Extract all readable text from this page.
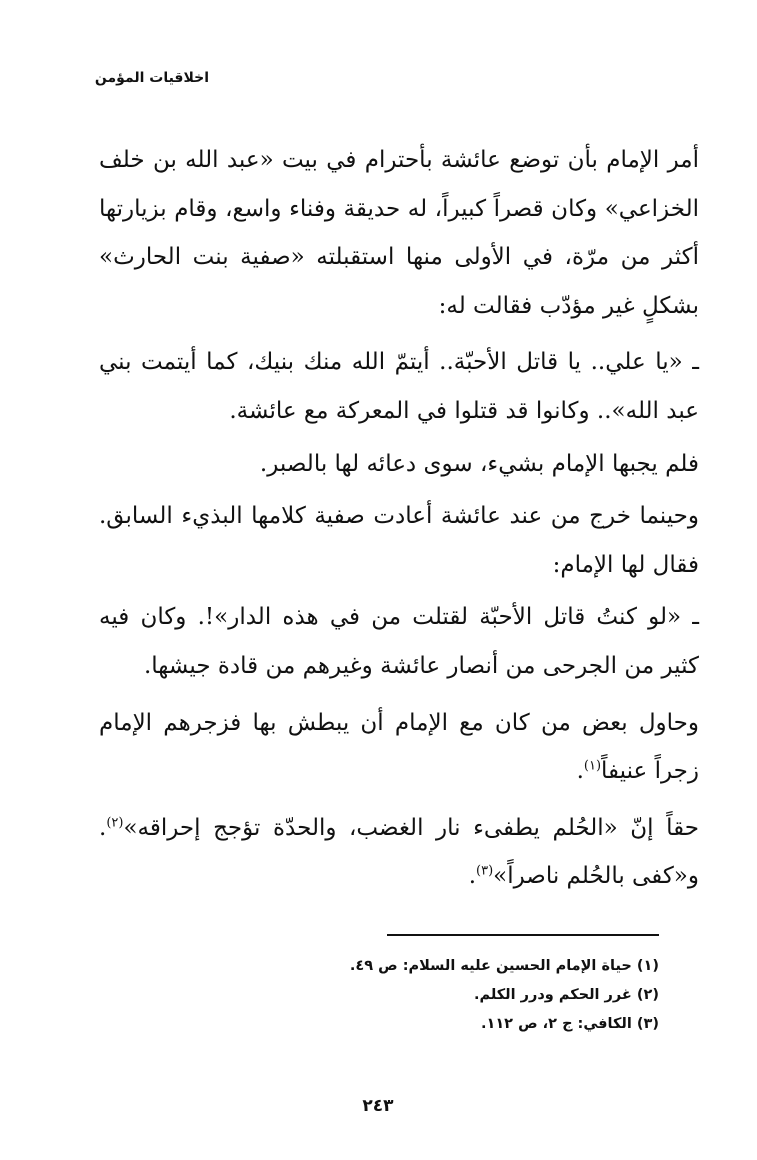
اخلاقيات المؤمن

أمر الإمام بأن توضع عائشة بأحترام في بيت «عبد الله بن خلف الخزاعي» وكان قصراً كبيراً، له حديقة وفناء واسع، وقام بزيارتها أكثر من مرّة، في الأولى منها استقبلته «صفية بنت الحارث» بشكلٍ غير مؤدّب فقالت له:

ـ «يا علي.. يا قاتل الأحبّة.. أيتمّ الله منك بنيك، كما أيتمت بني عبد الله».. وكانوا قد قتلوا في المعركة مع عائشة.

فلم يجبها الإمام بشيء، سوى دعائه لها بالصبر.

وحينما خرج من عند عائشة أعادت صفية كلامها البذيء السابق. فقال لها الإمام:

ـ «لو كنتُ قاتل الأحبّة لقتلت من في هذه الدار»!. وكان فيه كثير من الجرحى من أنصار عائشة وغيرهم من قادة جيشها.

وحاول بعض من كان مع الإمام أن يبطش بها فزجرهم الإمام زجراً عنيفاً$^{(١)}$.

حقاً إنّ «الحُلم يطفىء نار الغضب، والحدّة تؤجج إحراقه»$^{(٢)}$. و«كفى بالحُلم ناصراً»$^{(٣)}$.

(١) حياة الإمام الحسين عليه السلام: ص ٤٩.
(٢) غرر الحكم ودرر الكلم.
(٣) الكافي: ج ٢، ص ١١٢.
٢٤٣
